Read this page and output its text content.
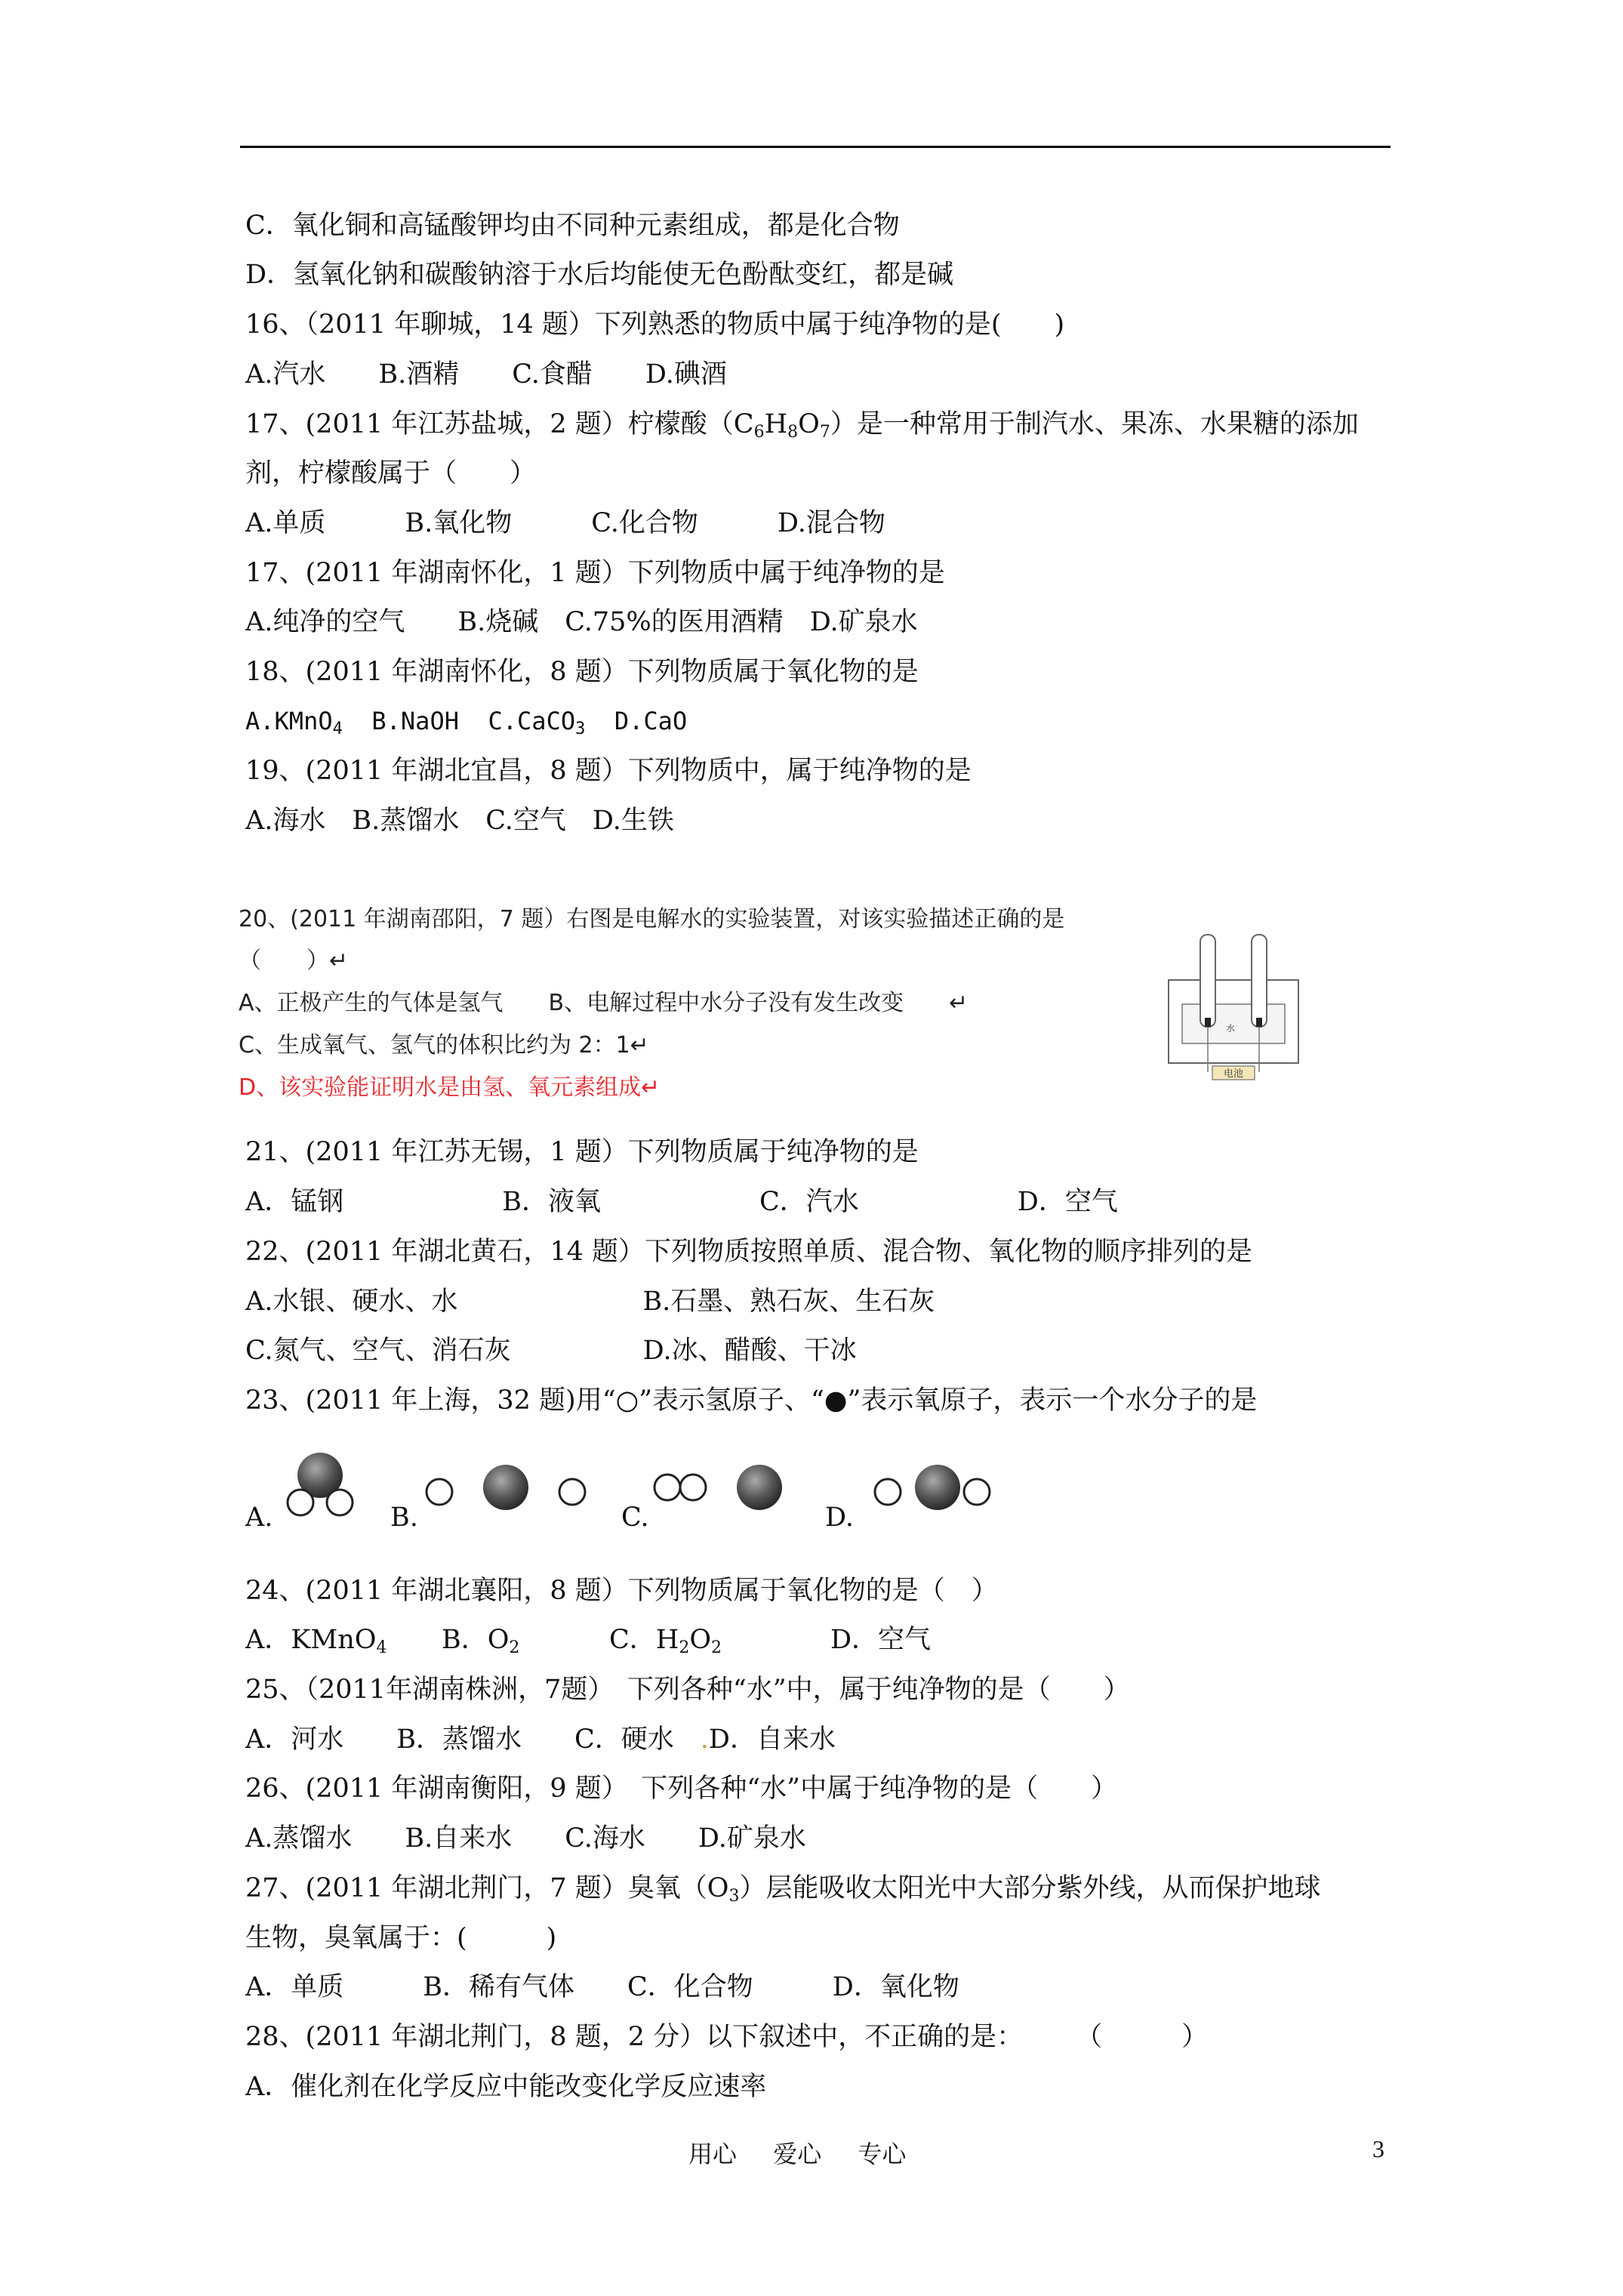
C．氧化铜和高锰酸钾均由不同种元素组成，都是化合物
D．氢氧化钠和碳酸钠溶于水后均能使无色酚酞变红，都是碱
16、（2011 年聊城，14 题）下列熟悉的物质中属于纯净物的是(　　)
A.汽水　　B.酒精　　C.食醋　　D.碘酒
17、(2011 年江苏盐城，2 题）柠檬酸$(C_6H_8O_7)$是一种常用于制汽水、果冻、水果糖的添加
剂，柠檬酸属于（　　）
A.单质　　　B.氧化物　　　C.化合物　　　D.混合物
17、(2011 年湖南怀化，1 题）下列物质中属于纯净物的是
A.纯净的空气　　B.烧碱　C.75%的医用酒精　D.矿泉水
18、(2011 年湖南怀化，8 题）下列物质属于氧化物的是
A.KMnO$_4$ B.NaOH C.CaCO$_3$ D.CaO
19、(2011 年湖北宜昌，8 题）下列物质中，属于纯净物的是
A.海水　B.蒸馏水　C.空气　D.生铁
20、(2011 年湖南邵阳，7 题）右图是电解水的实验装置，对该实验描述正确的是
（　　）↵
A、正极产生的气体是氢气　　B、电解过程中水分子没有发生改变　　↵
C、生成氧气、氢气的体积比约为 2：1↵
D、该实验能证明水是由氢、氧元素组成↵
水
电池
21、(2011 年江苏无锡，1 题）下列物质属于纯净物的是
A．锰钢　　　　　　B．液氧　　　　　　C．汽水　　　　　　D．空气
22、(2011 年湖北黄石，14 题）下列物质按照单质、混合物、氧化物的顺序排列的是
A.水银、硬水、水　　　　　　　B.石墨、熟石灰、生石灰
C.氮气、空气、消石灰　　　　　D.冰、醋酸、干冰
23、(2011 年上海，32 题)用“○”表示氢原子、“●”表示氧原子，表示一个水分子的是
A.	B.	C.	D.
24、(2011 年湖北襄阳，8 题）下列物质属于氧化物的是（　）
A．KMnO$_4$ B．$O_2$	C．$H_2O_2$	D．空气
25、（2011年湖南株洲，7题）　下列各种“水”中，属于纯净物的是（　　）
A．河水　　B．蒸馏水　　C．硬水　.D．自来水
26、(2011 年湖南衡阳，9 题）　下列各种“水”中属于纯净物的是（　　）
A.蒸馏水　　B.自来水　　C.海水　　D.矿泉水
27、(2011 年湖北荆门，7 题）臭氧$(O_3)$层能吸收太阳光中大部分紫外线，从而保护地球
生物，臭氧属于：(　　　)
A．单质　　　B．稀有气体　　C．化合物　　　D．氧化物
28、(2011 年湖北荆门，8 题，2 分）以下叙述中，不正确的是：　　　（　　　）
A．催化剂在化学反应中能改变化学反应速率
用心 爱心 专心	3
